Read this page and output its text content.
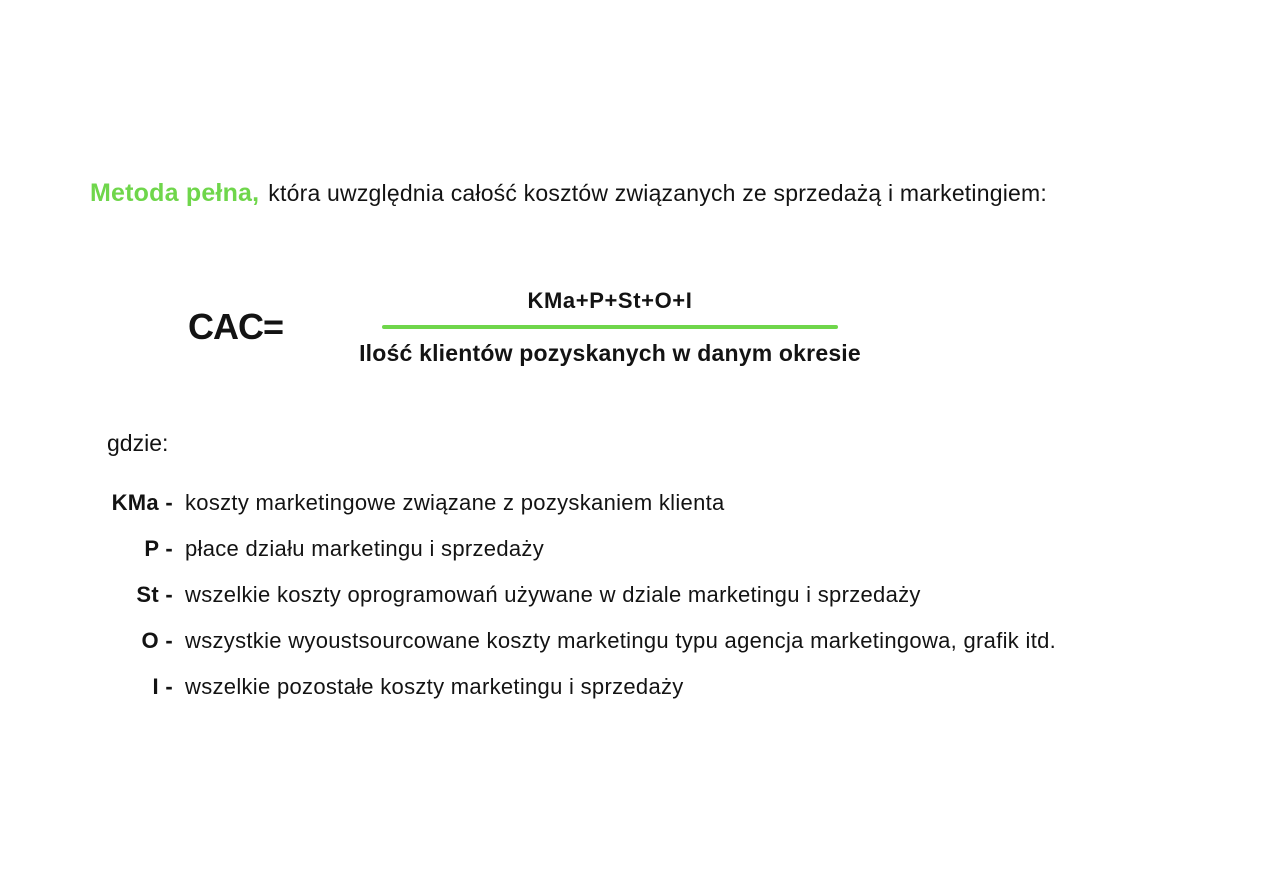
Metoda pełna, która uwzględnia całość kosztów związanych ze sprzedażą i marketingiem:
CAC=
KMa+P+St+O+I
Ilość klientów pozyskanych w danym okresie
gdzie:
KMa - koszty marketingowe związane z pozyskaniem klienta
P - płace działu marketingu i sprzedaży
St - wszelkie koszty oprogramowań używane w dziale marketingu i sprzedaży
O - wszystkie wyoustsourcowane koszty marketingu typu agencja marketingowa, grafik itd.
I - wszelkie pozostałe koszty marketingu i sprzedaży
